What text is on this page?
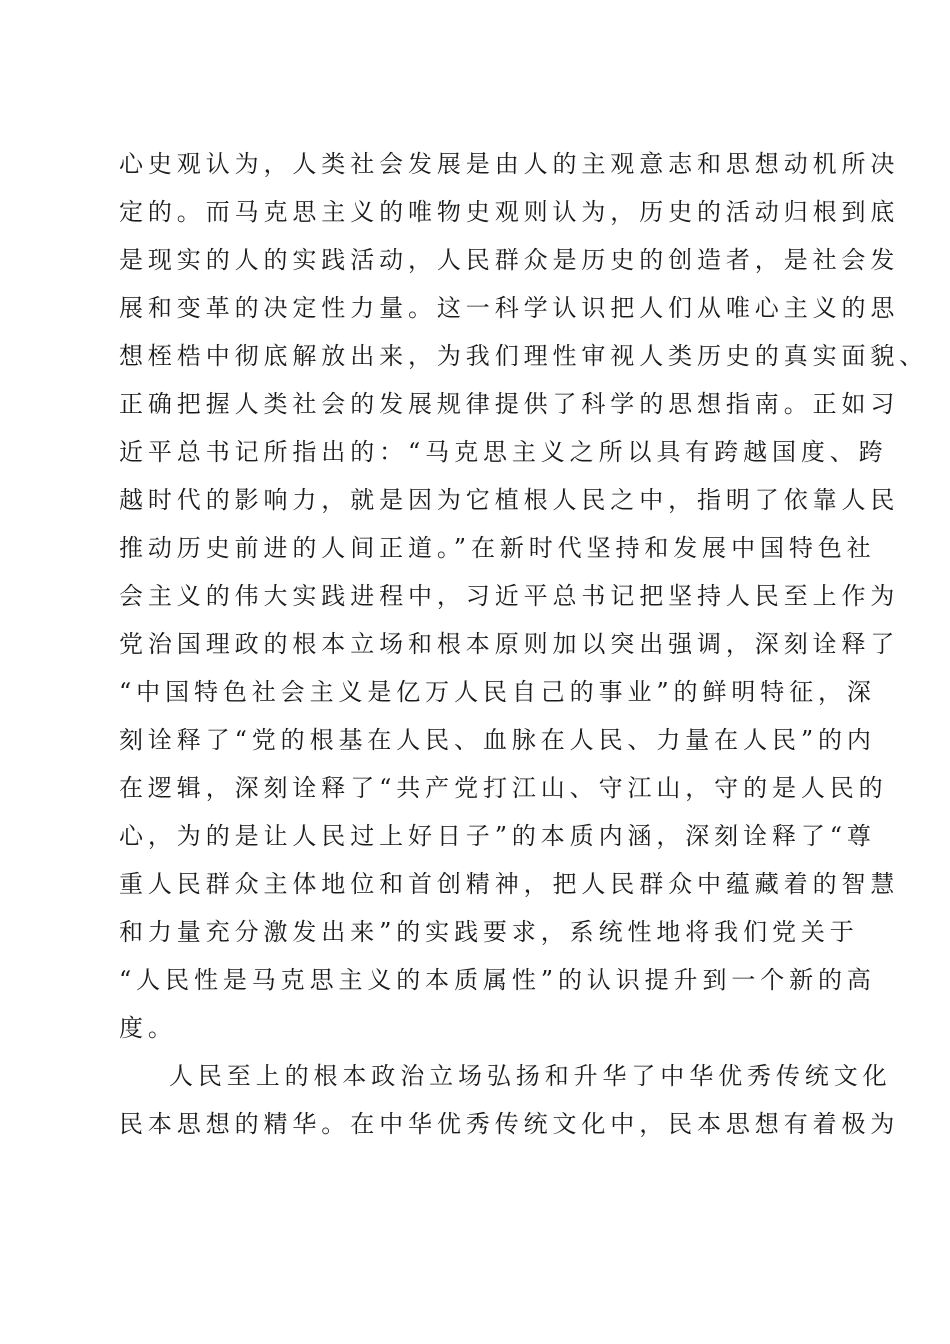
心史观认为，人类社会发展是由人的主观意志和思想动机所决
定的。而马克思主义的唯物史观则认为，历史的活动归根到底
是现实的人的实践活动，人民群众是历史的创造者，是社会发
展和变革的决定性力量。这一科学认识把人们从唯心主义的思
想桎梏中彻底解放出来，为我们理性审视人类历史的真实面貌、
正确把握人类社会的发展规律提供了科学的思想指南。正如习
近平总书记所指出的：“马克思主义之所以具有跨越国度、跨
越时代的影响力，就是因为它植根人民之中，指明了依靠人民
推动历史前进的人间正道。”在新时代坚持和发展中国特色社
会主义的伟大实践进程中，习近平总书记把坚持人民至上作为
党治国理政的根本立场和根本原则加以突出强调，深刻诠释了
“中国特色社会主义是亿万人民自己的事业”的鲜明特征，深
刻诠释了“党的根基在人民、血脉在人民、力量在人民”的内
在逻辑，深刻诠释了“共产党打江山、守江山，守的是人民的
心，为的是让人民过上好日子”的本质内涵，深刻诠释了“尊
重人民群众主体地位和首创精神，把人民群众中蕴藏着的智慧
和力量充分激发出来”的实践要求，系统性地将我们党关于
“人民性是马克思主义的本质属性”的认识提升到一个新的高
度。
人民至上的根本政治立场弘扬和升华了中华优秀传统文化
民本思想的精华。在中华优秀传统文化中，民本思想有着极为
